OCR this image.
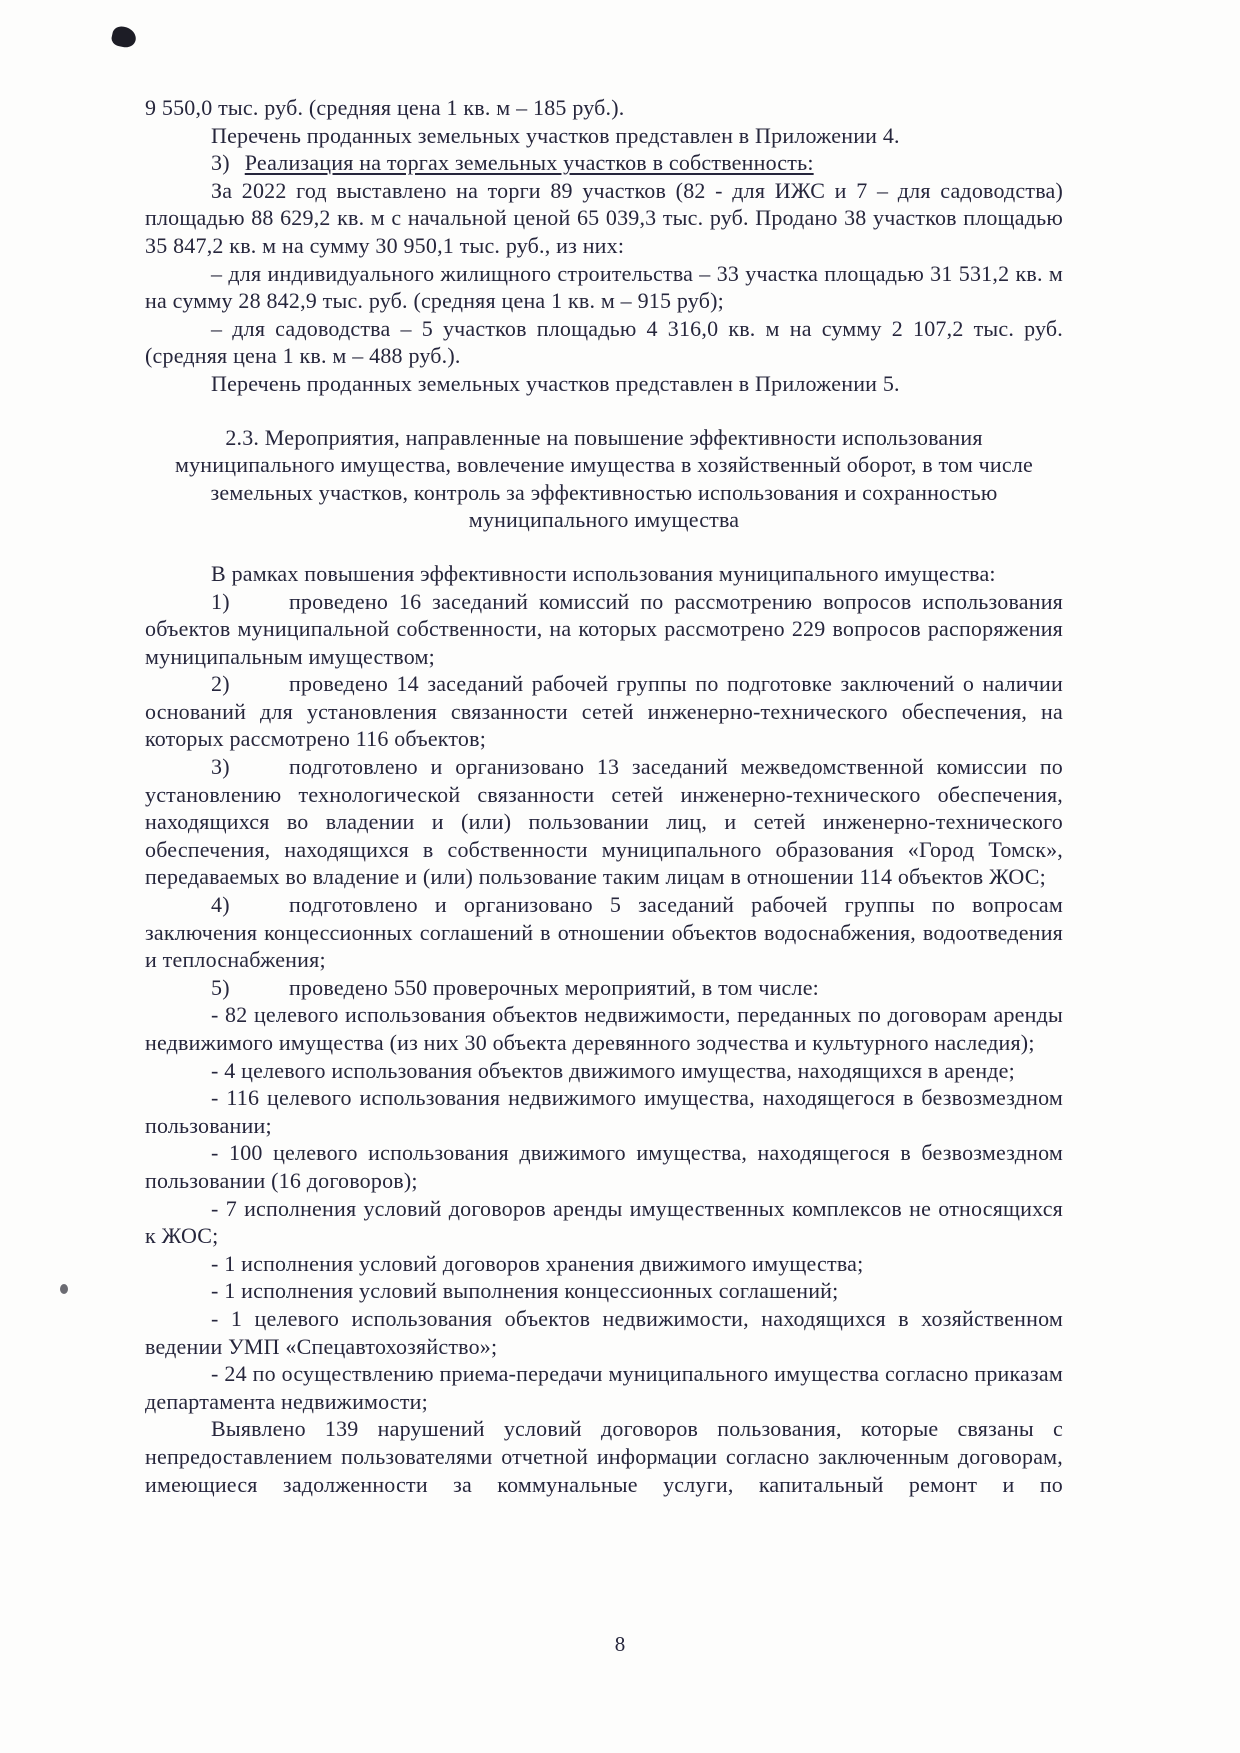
9 550,0 тыс. руб. (средняя цена 1 кв. м – 185 руб.).

Перечень проданных земельных участков представлен в Приложении 4.

3) Реализация на торгах земельных участков в собственность:

За 2022 год выставлено на торги 89 участков (82 - для ИЖС и 7 – для садоводства) площадью 88 629,2 кв. м с начальной ценой 65 039,3 тыс. руб. Продано 38 участков площадью 35 847,2 кв. м на сумму 30 950,1 тыс. руб., из них:

– для индивидуального жилищного строительства – 33 участка площадью 31 531,2 кв. м на сумму 28 842,9 тыс. руб. (средняя цена 1 кв. м – 915 руб);

– для садоводства – 5 участков площадью 4 316,0 кв. м на сумму 2 107,2 тыс. руб. (средняя цена 1 кв. м – 488 руб.).

Перечень проданных земельных участков представлен в Приложении 5.

2.3. Мероприятия, направленные на повышение эффективности использования муниципального имущества, вовлечение имущества в хозяйственный оборот, в том числе земельных участков, контроль за эффективностью использования и сохранностью муниципального имущества

В рамках повышения эффективности использования муниципального имущества:

1)	проведено 16 заседаний комиссий по рассмотрению вопросов использования объектов муниципальной собственности, на которых рассмотрено 229 вопросов распоряжения муниципальным имуществом;

2)	проведено 14 заседаний рабочей группы по подготовке заключений о наличии оснований для установления связанности сетей инженерно-технического обеспечения, на которых рассмотрено 116 объектов;

3)	подготовлено и организовано 13 заседаний межведомственной комиссии по установлению технологической связанности сетей инженерно-технического обеспечения, находящихся во владении и (или) пользовании лиц, и сетей инженерно-технического обеспечения, находящихся в собственности муниципального образования «Город Томск», передаваемых во владение и (или) пользование таким лицам в отношении 114 объектов ЖОС;

4)	подготовлено и организовано 5 заседаний рабочей группы по вопросам заключения концессионных соглашений в отношении объектов водоснабжения, водоотведения и теплоснабжения;

5)	проведено 550 проверочных мероприятий, в том числе:

- 82 целевого использования объектов недвижимости, переданных по договорам аренды недвижимого имущества (из них 30 объекта деревянного зодчества и культурного наследия);

- 4 целевого использования объектов движимого имущества, находящихся в аренде;

- 116 целевого использования недвижимого имущества, находящегося в безвозмездном пользовании;

- 100 целевого использования движимого имущества, находящегося в безвозмездном пользовании (16 договоров);

- 7 исполнения условий договоров аренды имущественных комплексов не относящихся к ЖОС;

- 1 исполнения условий договоров хранения движимого имущества;

- 1 исполнения условий выполнения концессионных соглашений;

- 1 целевого использования объектов недвижимости, находящихся в хозяйственном ведении УМП «Спецавтохозяйство»;

- 24 по осуществлению приема-передачи муниципального имущества согласно приказам департамента недвижимости;

Выявлено 139 нарушений условий договоров пользования, которые связаны с непредоставлением пользователями отчетной информации согласно заключенным договорам, имеющиеся задолженности за коммунальные услуги, капитальный ремонт и по

8
